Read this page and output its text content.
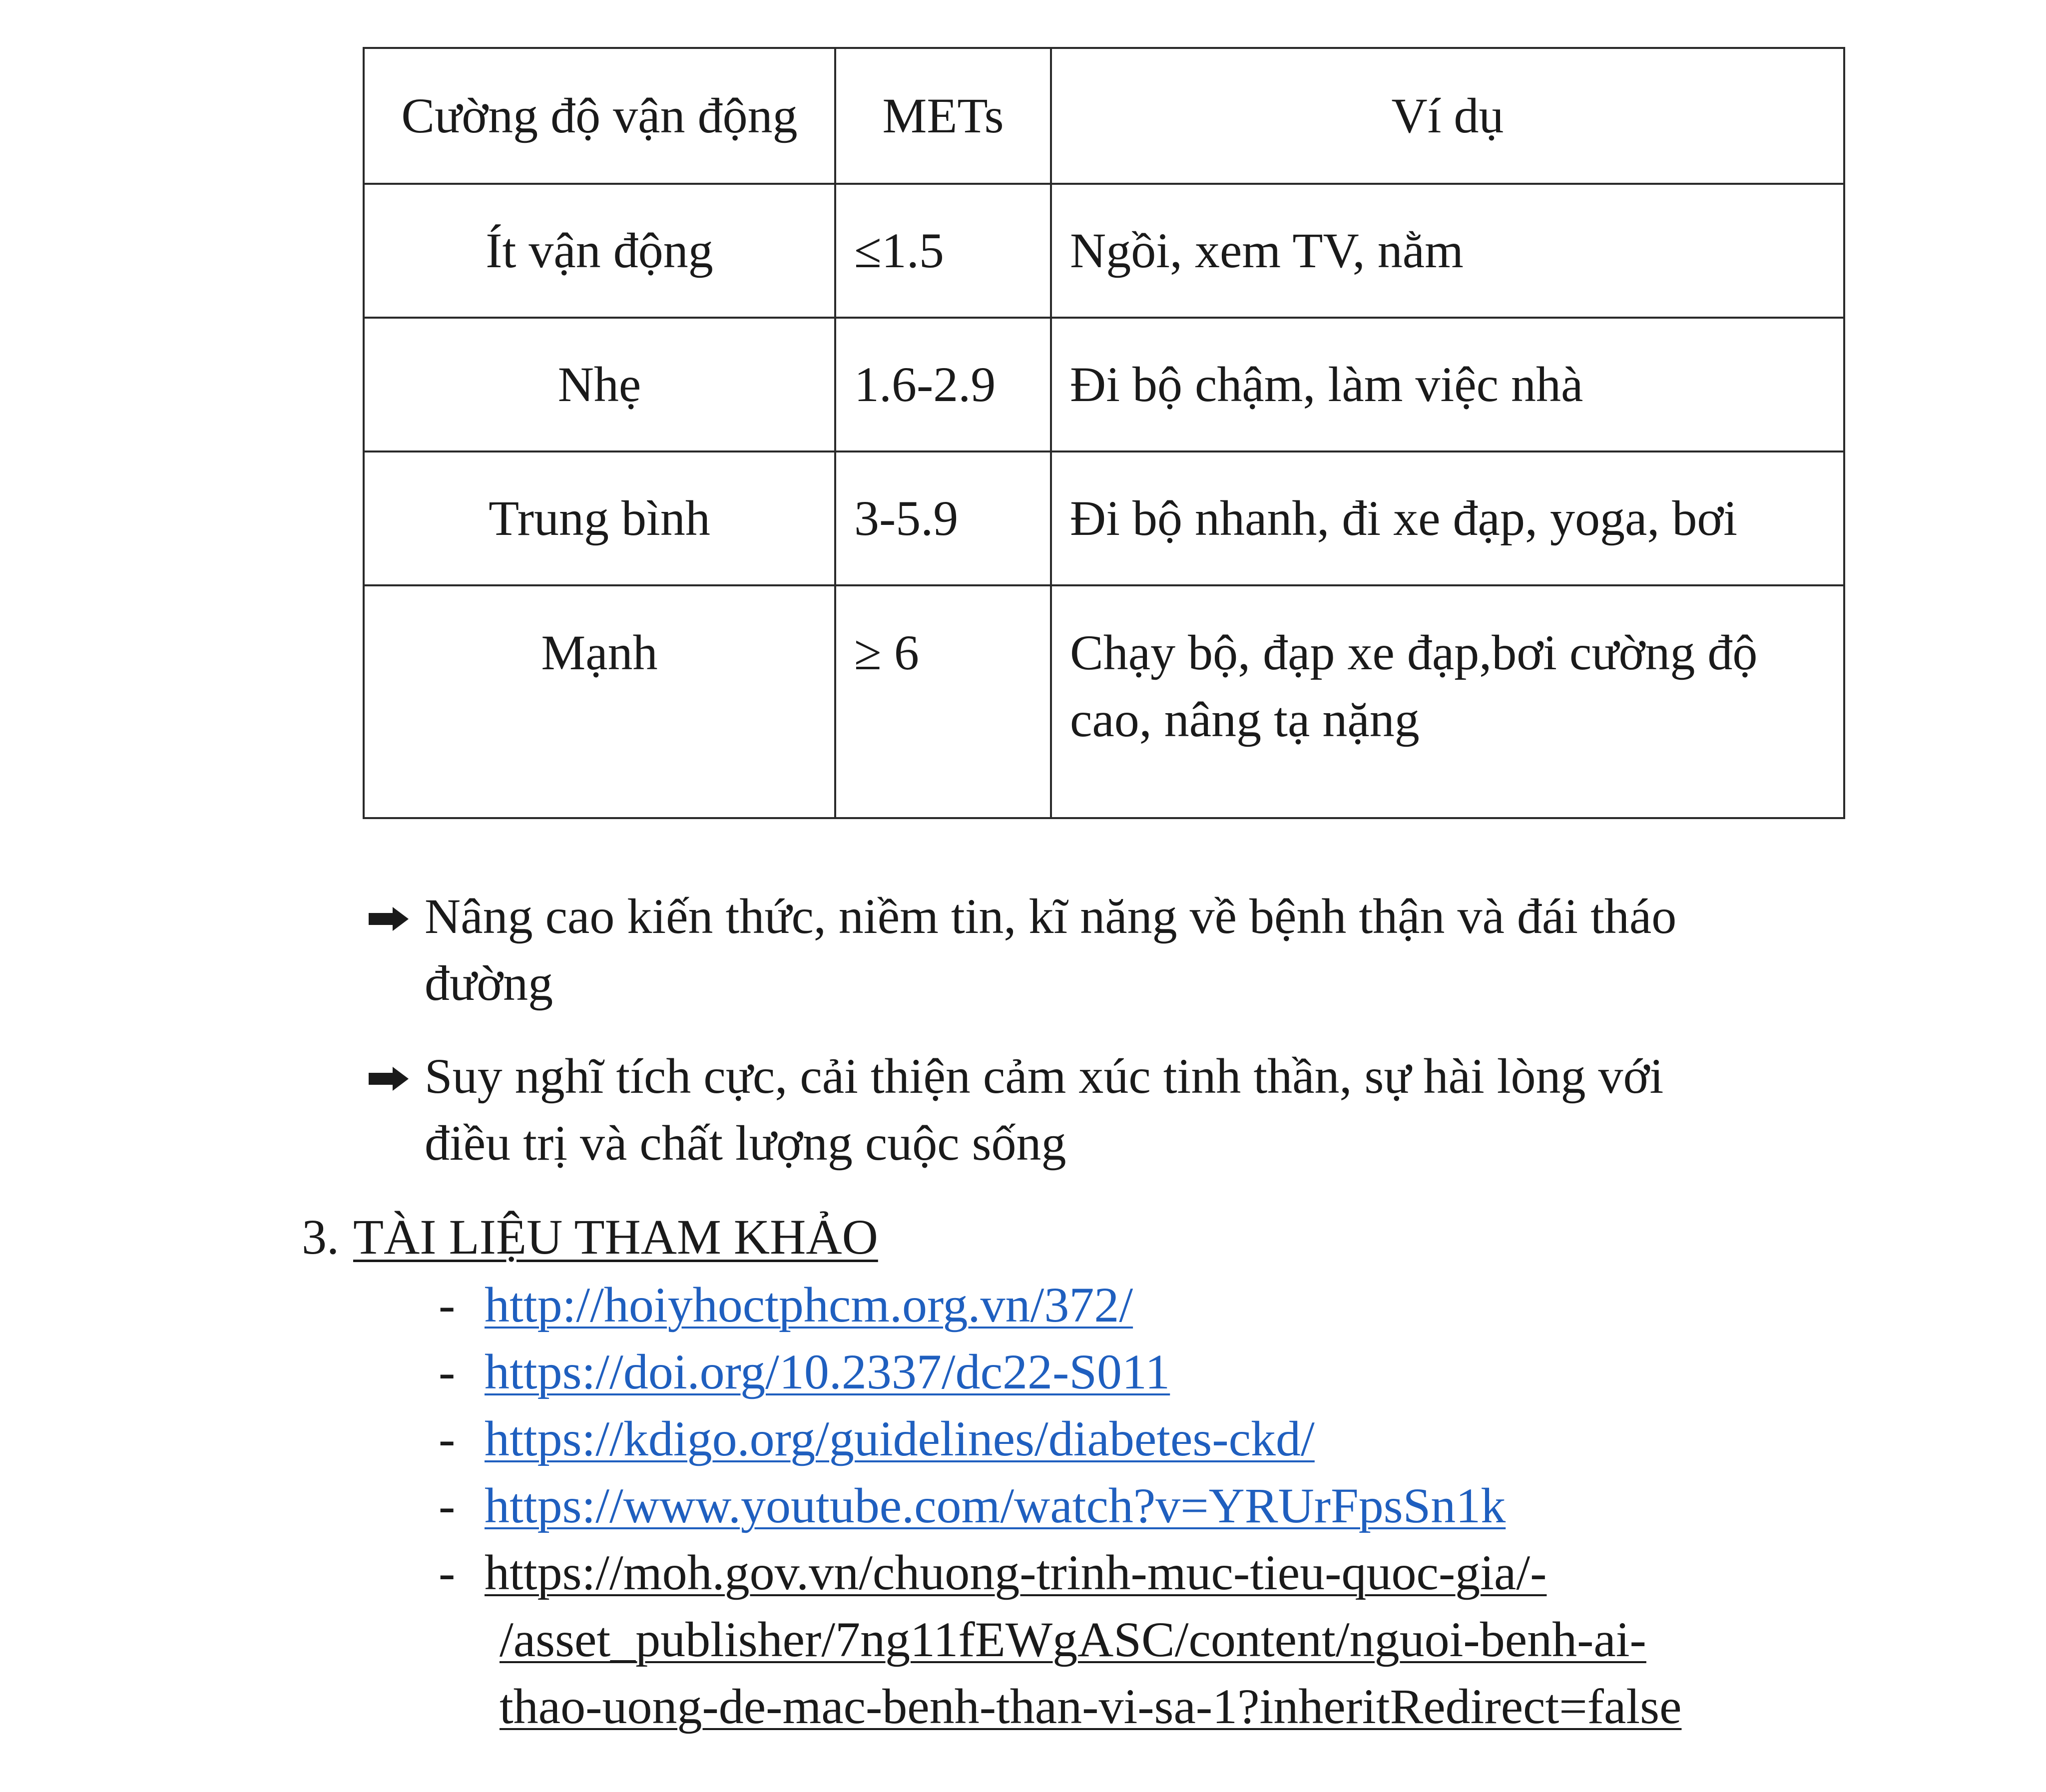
Cường độ vận động	METs	Ví dụ
Ít vận động	≤1.5	Ngồi, xem TV, nằm
Nhẹ	1.6-2.9	Đi bộ chậm, làm việc nhà
Trung bình	3-5.9	Đi bộ nhanh, đi xe đạp, yoga, bơi
Mạnh	≥ 6	Chạy bộ, đạp xe đạp,bơi cường độ
cao, nâng tạ nặng
Nâng cao kiến thức, niềm tin, kĩ năng về bệnh thận và đái tháo
đường
Suy nghĩ tích cực, cải thiện cảm xúc tinh thần, sự hài lòng với
điều trị và chất lượng cuộc sống
3. TÀI LIỆU THAM KHẢO
- http://hoiyhoctphcm.org.vn/372/
- https://doi.org/10.2337/dc22-S011
- https://kdigo.org/guidelines/diabetes-ckd/
- https://www.youtube.com/watch?v=YRUrFpsSn1k
- https://moh.gov.vn/chuong-trinh-muc-tieu-quoc-gia/-
/asset_publisher/7ng11fEWgASC/content/nguoi-benh-ai-
thao-uong-de-mac-benh-than-vi-sa-1?inheritRedirect=false
